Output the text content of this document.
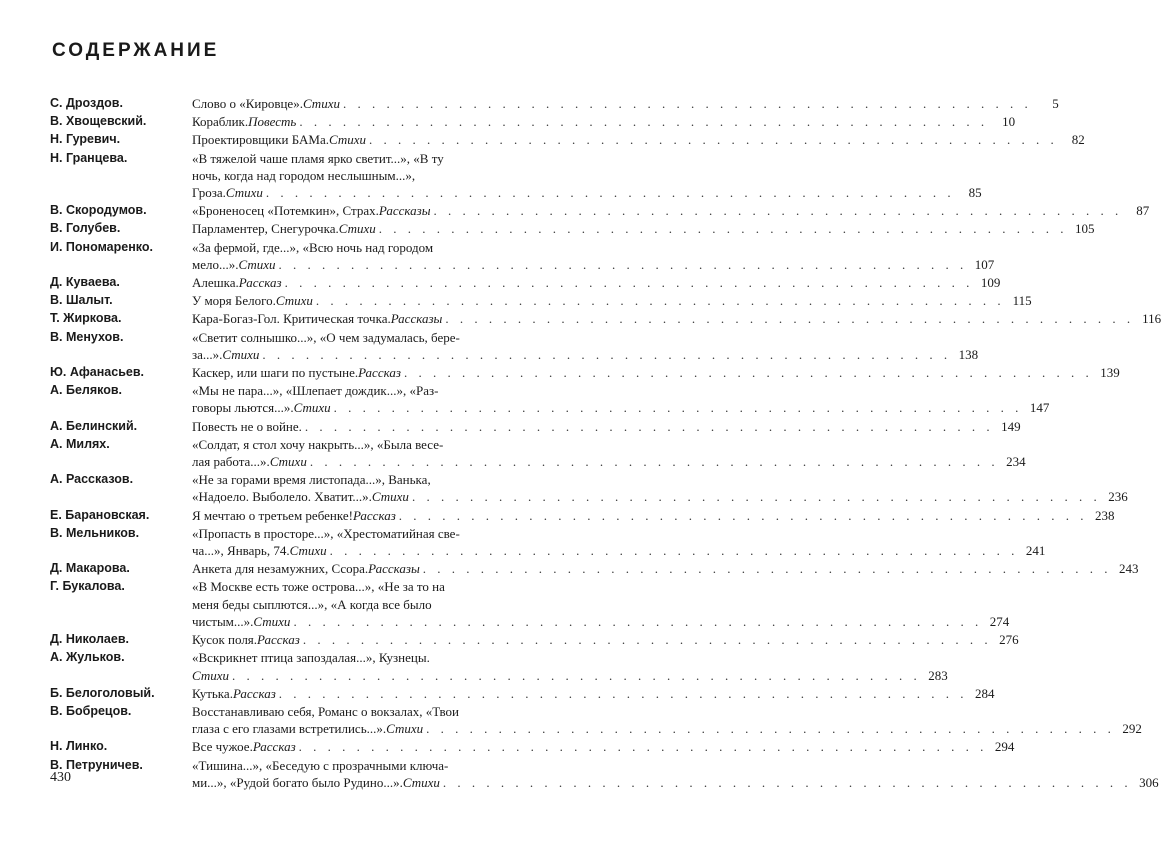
СОДЕРЖАНИЕ
С. Дроздов.	Слово о «Кировце». Стихи . . .	5
В. Хвощевский.	Кораблик. Повесть . . .	10
Н. Гуревич.	Проектировщики БАМа. Стихи . . .	82
Н. Гранцева.	«В тяжелой чаше пламя ярко светит...», «В ту
ночь, когда над городом неслышным...»,
Гроза. Стихи . . .	85
В. Скородумов.	«Броненосец «Потемкин», Страх. Рассказы . . .	87
В. Голубев.	Парламентер, Снегурочка. Стихи . . .	105
И. Пономаренко.	«За фермой, где...», «Всю ночь над городом
мело...». Стихи . . .	107
Д. Куваева.	Алешка. Рассказ . . .	109
В. Шалыт.	У моря Белого. Стихи . . .	115
Т. Жиркова.	Кара-Богаз-Гол. Критическая точка. Рассказы . . .	116
В. Менухов.	«Светит солнышко...», «О чем задумалась, бере-
за...». Стихи . . .	138
Ю. Афанасьев.	Каскер, или шаги по пустыне. Рассказ . . .	139
А. Беляков.	«Мы не пара...», «Шлепает дождик...», «Раз-
говоры льются...». Стихи . . .	147
А. Белинский.	Повесть не о войне. . . .	149
А. Милях.	«Солдат, я стол хочу накрыть...», «Была весе-
лая работа...». Стихи . . .	234
А. Рассказов.	«Не за горами время листопада...», Ванька,
«Надоело. Выболело. Хватит...». Стихи . . .	236
Е. Барановская.	Я мечтаю о третьем ребенке! Рассказ . . .	238
В. Мельников.	«Пропасть в просторе...», «Хрестоматийная све-
ча...», Январь, 74. Стихи . . .	241
Д. Макарова.	Анкета для незамужних, Ссора. Рассказы . . .	243
Г. Букалова.	«В Москве есть тоже острова...», «Не за то на
меня беды сыплются...», «А когда все было
чистым...». Стихи . . .	274
Д. Николаев.	Кусок поля. Рассказ . . .	276
А. Жульков.	«Вскрикнет птица запоздалая...», Кузнецы.
Стихи . . .	283
Б. Белоголовый.	Кутька. Рассказ . . .	284
В. Бобрецов.	Восстанавливаю себя, Романс о вокзалах, «Твои
глаза с его глазами встретились...». Стихи . . .	292
Н. Линко.	Все чужое. Рассказ . . .	294
В. Петруничев.	«Тишина...», «Беседую с прозрачными ключа-
ми...», «Рудой богато было Рудино...». Стихи . . .	306
430
